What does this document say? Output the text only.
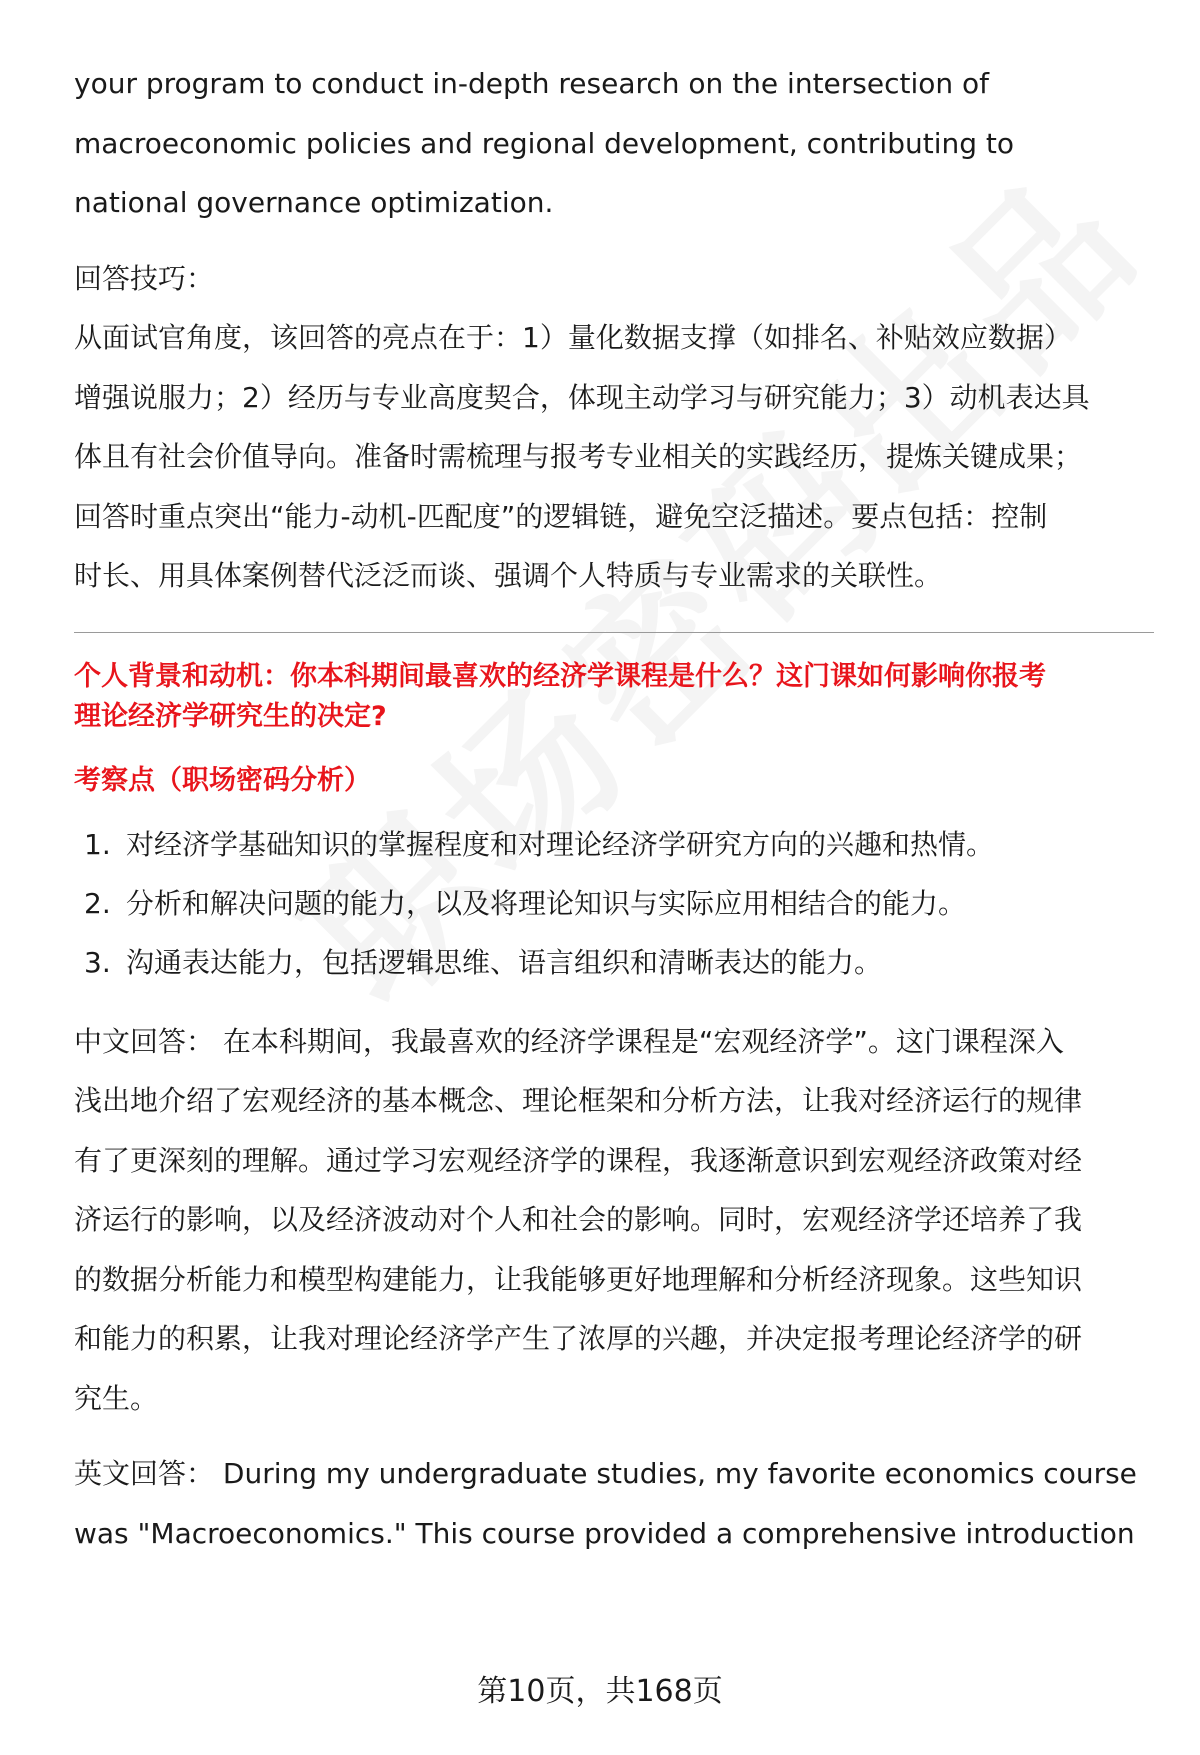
your program to conduct in-depth research on the intersection of

macroeconomic policies and regional development, contributing to

national governance optimization.

回答技巧：

从面试官角度，该回答的亮点在于：1）量化数据支撑（如排名、补贴效应数据）

增强说服力；2）经历与专业高度契合，体现主动学习与研究能力；3）动机表达具

体且有社会价值导向。准备时需梳理与报考专业相关的实践经历，提炼关键成果；

回答时重点突出“能力-动机-匹配度”的逻辑链，避免空泛描述。要点包括：控制

时长、用具体案例替代泛泛而谈、强调个人特质与专业需求的关联性。

个人背景和动机：你本科期间最喜欢的经济学课程是什么？这门课如何影响你报考

理论经济学研究生的决定?

考察点（职场密码分析）

1. 对经济学基础知识的掌握程度和对理论经济学研究方向的兴趣和热情。
2. 分析和解决问题的能力，以及将理论知识与实际应用相结合的能力。
3. 沟通表达能力，包括逻辑思维、语言组织和清晰表达的能力。

中文回答： 在本科期间，我最喜欢的经济学课程是“宏观经济学”。这门课程深入

浅出地介绍了宏观经济的基本概念、理论框架和分析方法，让我对经济运行的规律

有了更深刻的理解。通过学习宏观经济学的课程，我逐渐意识到宏观经济政策对经

济运行的影响，以及经济波动对个人和社会的影响。同时，宏观经济学还培养了我

的数据分析能力和模型构建能力，让我能够更好地理解和分析经济现象。这些知识

和能力的积累，让我对理论经济学产生了浓厚的兴趣，并决定报考理论经济学的研

究生。

英文回答： During my undergraduate studies, my favorite economics course

was "Macroeconomics." This course provided a comprehensive introduction

第10页，共168页
